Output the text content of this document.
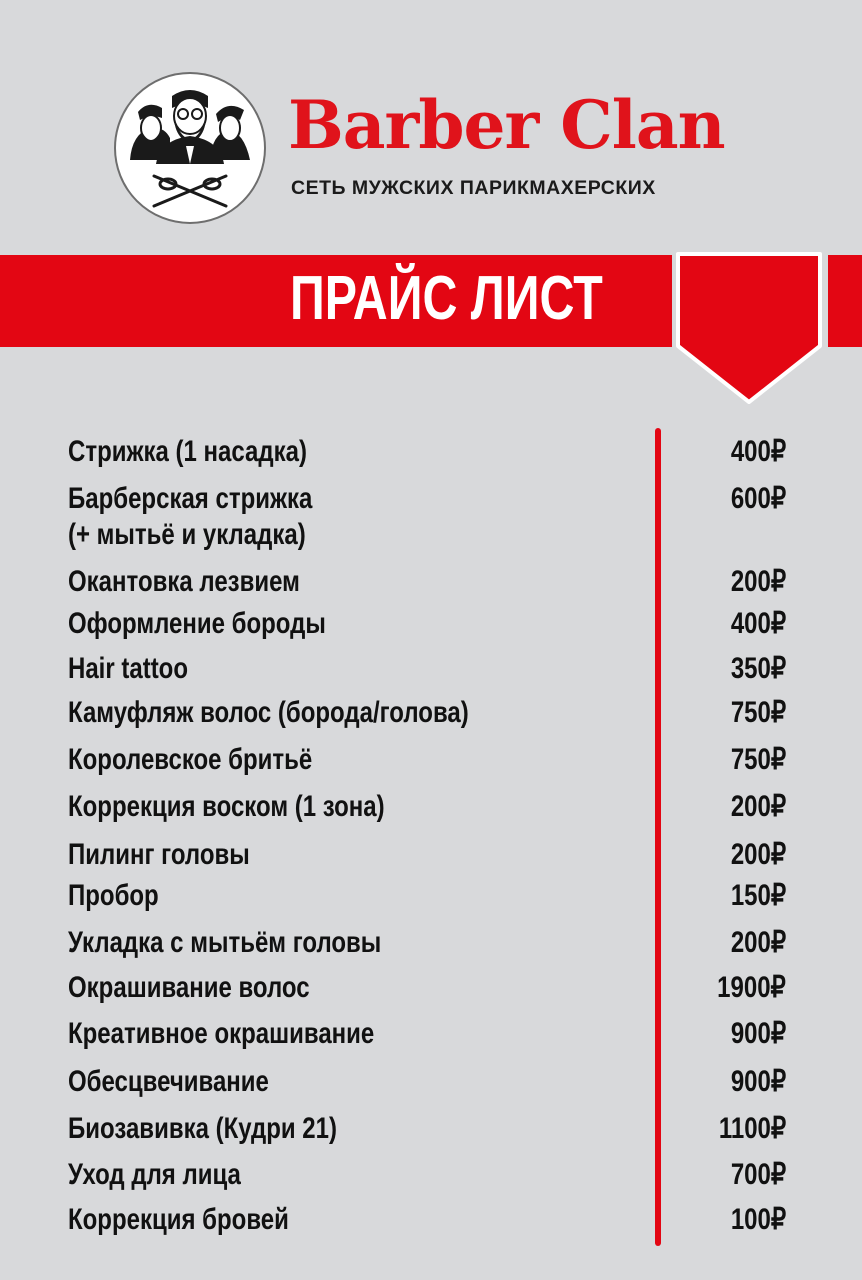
Barber Clan
СЕТЬ МУЖСКИХ ПАРИКМАХЕРСКИХ
ПРАЙС ЛИСТ
Стрижка (1 насадка)	400₽
Барберская стрижка
(+ мытьё и укладка)
600₽
Окантовка лезвием	200₽
Оформление бороды	400₽
Hair tattoo	350₽
Камуфляж волос (борода/голова)	750₽
Королевское бритьё	750₽
Коррекция воском (1 зона)	200₽
Пилинг головы	200₽
Пробор	150₽
Укладка с мытьём головы	200₽
Окрашивание волос	1900₽
Креативное окрашивание	900₽
Обесцвечивание	900₽
Биозавивка (Кудри 21)	1100₽
Уход для лица	700₽
Коррекция бровей	100₽
